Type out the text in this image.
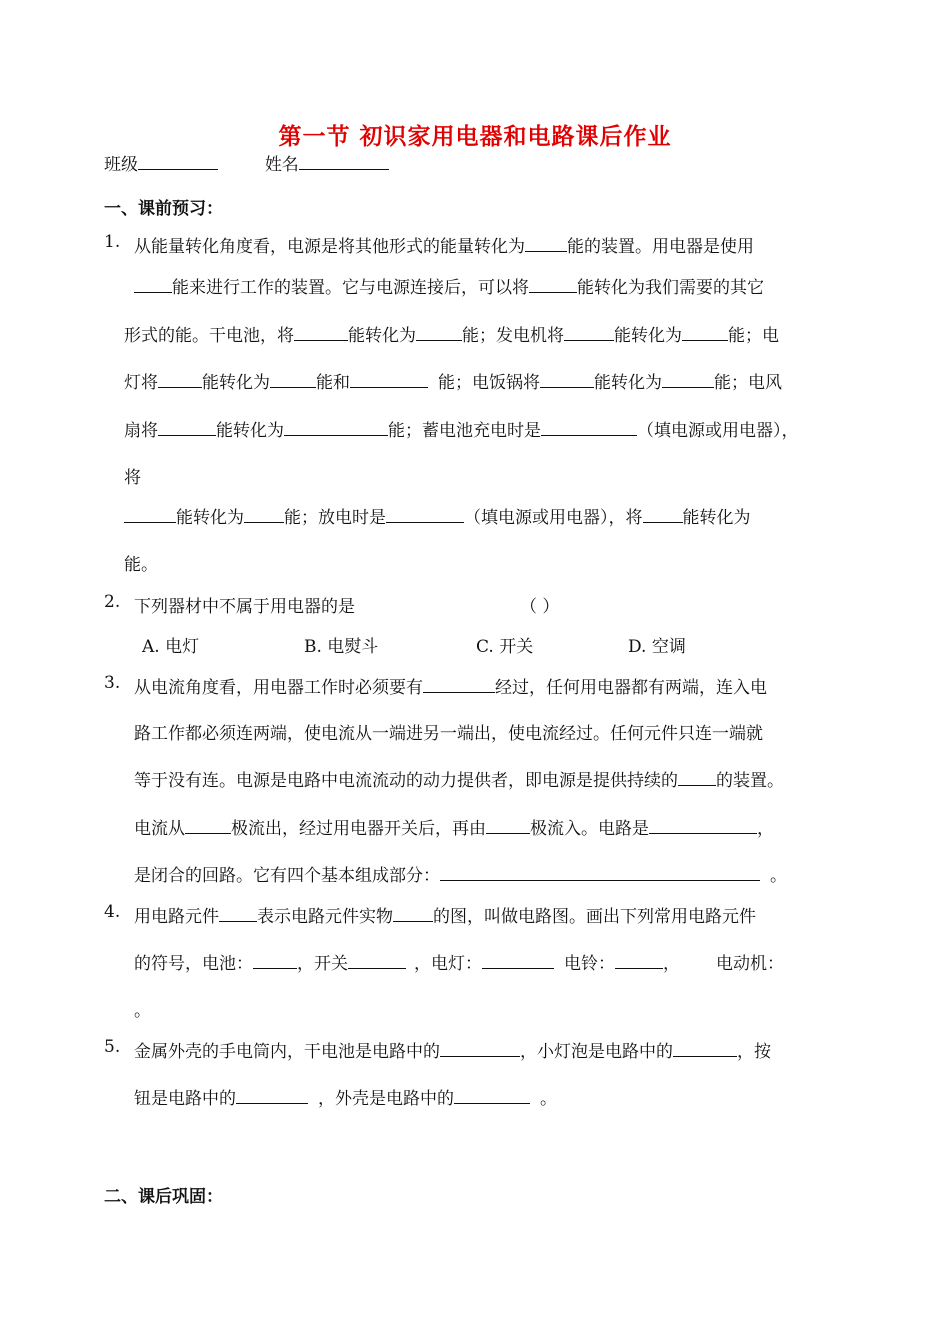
第一节 初识家用电器和电路课后作业
班级	姓名
一、课前预习：
1. 从能量转化角度看，电源是将其他形式的能量转化为 能的装置。用电器是使用
能来进行工作的装置。它与电源连接后，可以将	能转化为我们需要的其它
形式的能。干电池，将	能转化为	能；发电机将	能转化为	能；电
灯将	能转化为	能和	能；电饭锅将	能转化为	能；电风
扇将	能转化为	能；蓄电池充电时是	（填电源或用电器），
将
能转化为 能；放电时是	（填电源或用电器），将 能转化为
能。
2. 下列器材中不属于用电器的是	（ ）
A. 电灯	B. 电熨斗	C. 开关	D. 空调
3. 从电流角度看，用电器工作时必须要有	经过，任何用电器都有两端，连入电
路工作都必须连两端，使电流从一端进另一端出，使电流经过。任何元件只连一端就
等于没有连。电源是电路中电流流动的动力提供者，即电源是提供持续的 的装置。
电流从	极流出，经过用电器开关后，再由	极流入。电路是	，
是闭合的回路。它有四个基本组成部分：	。
4. 用电路元件 表示电路元件实物 的图，叫做电路图。画出下列常用电路元件
的符号，电池：	，开关	，电灯：	电铃：	， 电动机：
。
5. 金属外壳的手电筒内，干电池是电路中的	，小灯泡是电路中的	，按
钮是电路中的	，外壳是电路中的	。
二、课后巩固：
